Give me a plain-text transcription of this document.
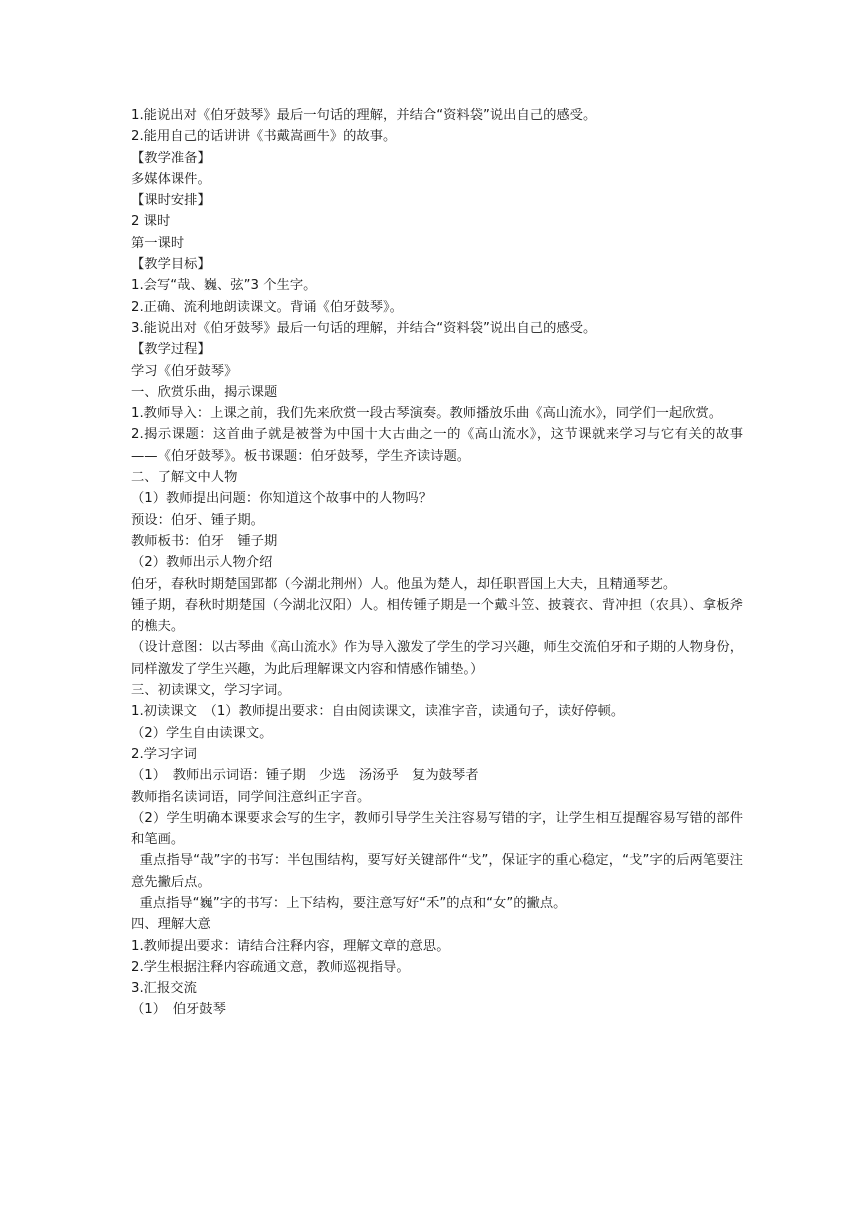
1.能说出对《伯牙鼓琴》最后一句话的理解，并结合“资料袋”说出自己的感受。

2.能用自己的话讲讲《书戴嵩画牛》的故事。

【教学准备】

多媒体课件。

【课时安排】

2 课时

第一课时

【教学目标】

1.会写“哉、巍、弦”3 个生字。

2.正确、流利地朗读课文。背诵《伯牙鼓琴》。

3.能说出对《伯牙鼓琴》最后一句话的理解，并结合“资料袋”说出自己的感受。

【教学过程】

学习《伯牙鼓琴》

一、欣赏乐曲，揭示课题

1.教师导入：上课之前，我们先来欣赏一段古琴演奏。教师播放乐曲《高山流水》，同学们一起欣赏。

2.揭示课题：这首曲子就是被誉为中国十大古曲之一的《高山流水》，这节课就来学习与它有关的故事——《伯牙鼓琴》。板书课题：伯牙鼓琴，学生齐读诗题。

二、了解文中人物

（1）教师提出问题：你知道这个故事中的人物吗？

预设：伯牙、锺子期。

教师板书：伯牙　锺子期

（2）教师出示人物介绍

伯牙，春秋时期楚国郢都（今湖北荆州）人。他虽为楚人，却任职晋国上大夫，且精通琴艺。

锺子期，春秋时期楚国（今湖北汉阳）人。相传锺子期是一个戴斗笠、披蓑衣、背冲担（农具）、拿板斧的樵夫。

（设计意图：以古琴曲《高山流水》作为导入激发了学生的学习兴趣，师生交流伯牙和子期的人物身份，同样激发了学生兴趣，为此后理解课文内容和情感作铺垫。）

三、初读课文，学习字词。

1.初读课文　（1）教师提出要求：自由阅读课文，读准字音，读通句子，读好停顿。

（2）学生自由读课文。

2.学习字词

（1）　教师出示词语：锺子期　少选　汤汤乎　复为鼓琴者

教师指名读词语，同学间注意纠正字音。

（2）学生明确本课要求会写的生字，教师引导学生关注容易写错的字，让学生相互提醒容易写错的部件和笔画。

重点指导“哉”字的书写：半包围结构，要写好关键部件“戈”，保证字的重心稳定，“戈”字的后两笔要注意先撇后点。

重点指导“巍”字的书写：上下结构，要注意写好“禾”的点和“女”的撇点。

四、理解大意

1.教师提出要求：请结合注释内容，理解文章的意思。

2.学生根据注释内容疏通文意，教师巡视指导。

3.汇报交流

（1）　伯牙鼓琴
